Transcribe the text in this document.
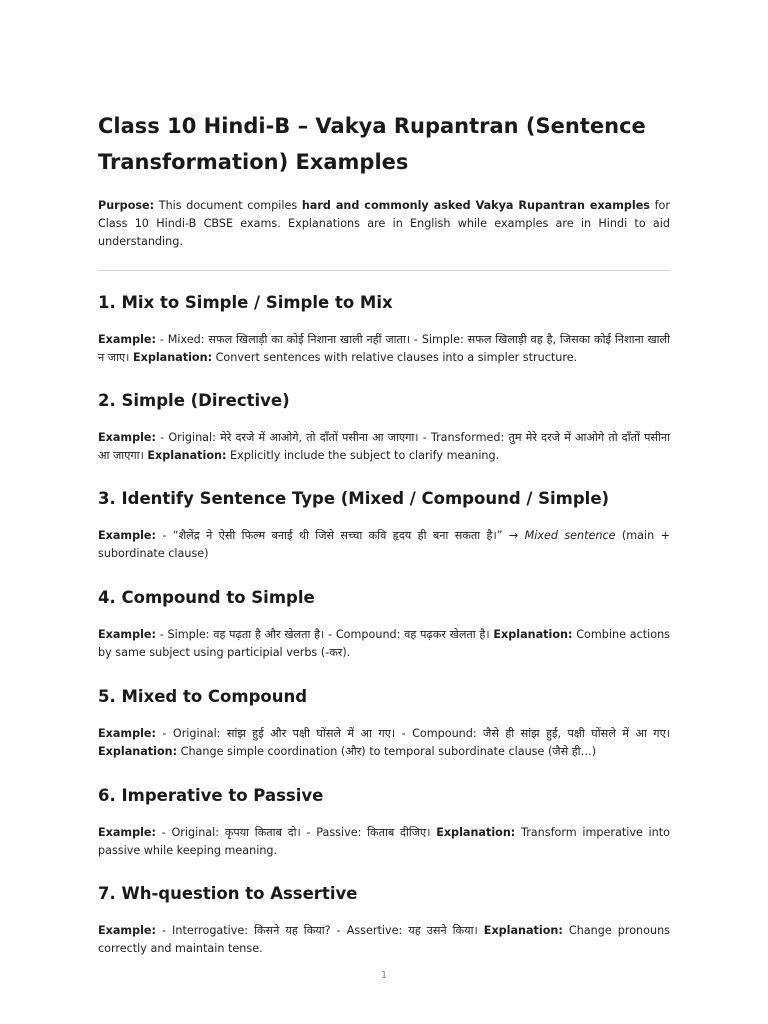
Class 10 Hindi-B – Vakya Rupantran (Sentence Transformation) Examples

Purpose: This document compiles hard and commonly asked Vakya Rupantran examples for Class 10 Hindi-B CBSE exams. Explanations are in English while examples are in Hindi to aid understanding.

1. Mix to Simple / Simple to Mix

Example: - Mixed: सफल खिलाड़ी का कोई निशाना खाली नहीं जाता। - Simple: सफल खिलाड़ी वह है, जिसका कोई निशाना खाली न जाए। Explanation: Convert sentences with relative clauses into a simpler structure.

2. Simple (Directive)

Example: - Original: मेरे दरजे में आओगे, तो दाँतों पसीना आ जाएगा। - Transformed: तुम मेरे दरजे में आओगे तो दाँतों पसीना आ जाएगा। Explanation: Explicitly include the subject to clarify meaning.

3. Identify Sentence Type (Mixed / Compound / Simple)

Example: - “शैलेंद्र ने ऐसी फिल्म बनाई थी जिसे सच्चा कवि हृदय ही बना सकता है।” → Mixed sentence (main + subordinate clause)

4. Compound to Simple

Example: - Simple: वह पढ़ता है और खेलता है। - Compound: वह पढ़कर खेलता है। Explanation: Combine actions by same subject using participial verbs (-कर).

5. Mixed to Compound

Example: - Original: सांझ हुई और पक्षी घोंसले में आ गए। - Compound: जैसे ही सांझ हुई, पक्षी घोंसले में आ गए। Explanation: Change simple coordination (और) to temporal subordinate clause (जैसे ही…)

6. Imperative to Passive

Example: - Original: कृपया किताब दो। - Passive: किताब दीजिए। Explanation: Transform imperative into passive while keeping meaning.

7. Wh-question to Assertive

Example: - Interrogative: किसने यह किया? - Assertive: यह उसने किया। Explanation: Change pronouns correctly and maintain tense.

1
